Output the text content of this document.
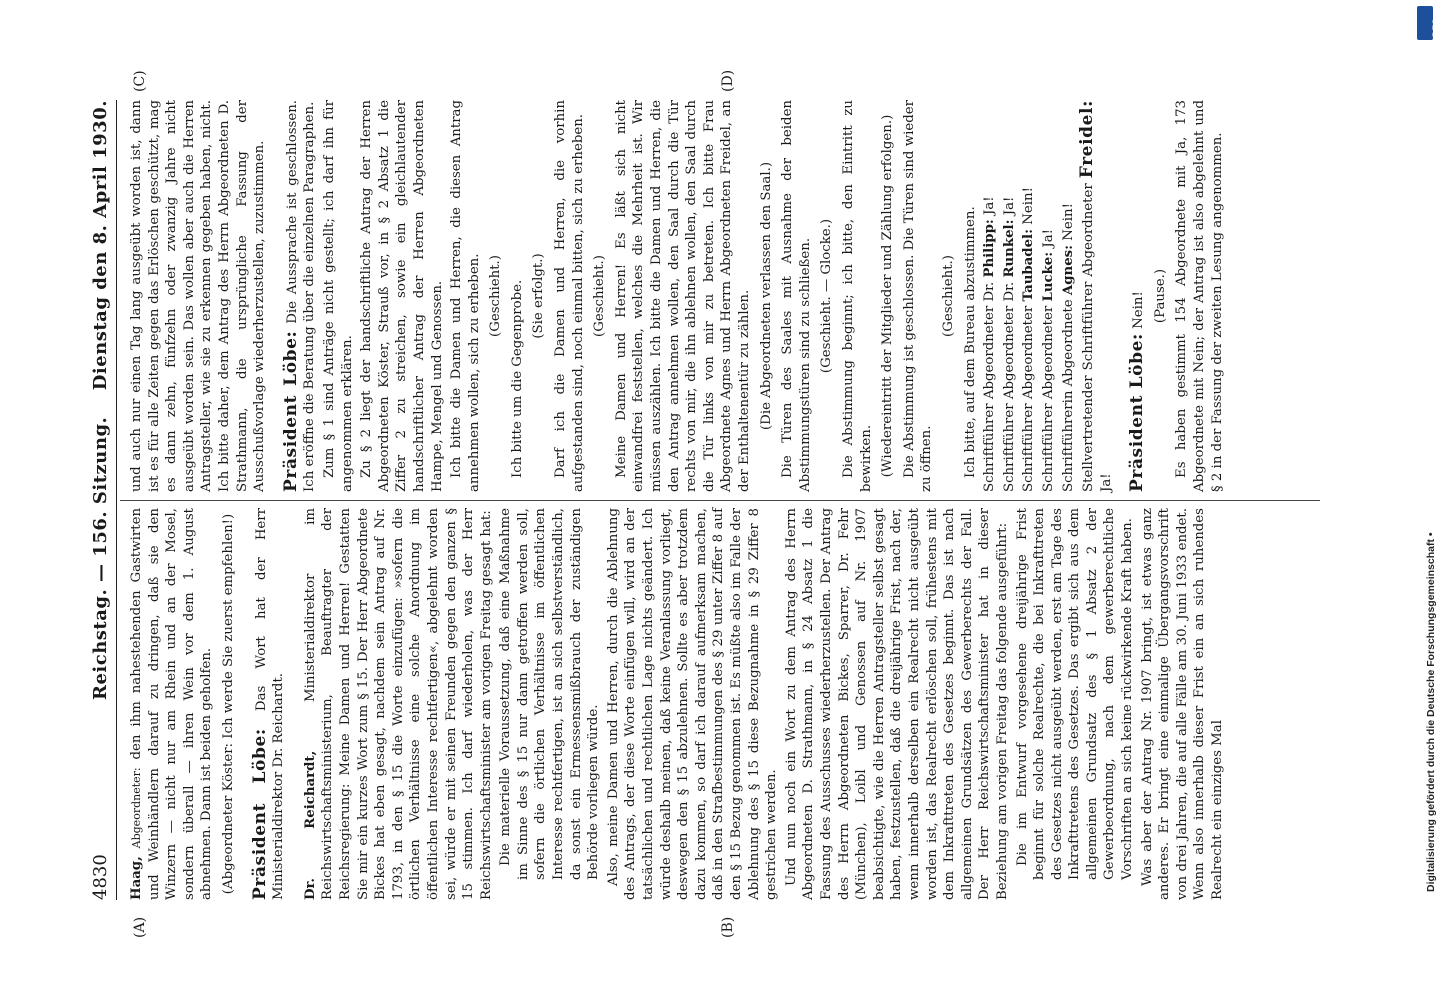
4830
Reichstag. — 156. Sitzung.
Dienstag den 8. April 1930.
(A)	(B)
(C)	(D)

Haag, Abgeordneter: den ihm nahestehenden Gastwirten und Weinhändlern darauf zu dringen, daß sie den Winzern — nicht nur am Rhein und an der Mosel, sondern überall — ihren Wein vor dem 1. August abnehmen. Dann ist beiden geholfen. (Abgeordneter Köster: Ich werde Sie zuerst empfehlen!) Präsident Löbe: Das Wort hat der Herr Ministerialdirektor Dr. Reichardt. Dr. Reichardt, Ministerialdirektor im Reichswirtschaftsministerium, Beauftragter der Reichsregierung: Meine Damen und Herren! Gestatten Sie mir ein kurzes Wort zum § 15. Der Herr Abgeordnete Bickes hat eben gesagt, nachdem sein Antrag auf Nr. 1793, in den § 15 die Worte einzufügen: »sofern die örtlichen Verhältnisse eine solche Anordnung im öffentlichen Interesse rechtfertigen«, abgelehnt worden sei, würde er mit seinen Freunden gegen den ganzen § 15 stimmen. Ich darf wiederholen, was der Herr Reichswirtschaftsminister am vorigen Freitag gesagt hat: Die materielle Voraussetzung, daß eine Maßnahme im Sinne des § 15 nur dann getroffen werden soll, sofern die örtlichen Verhältnisse im öffentlichen Interesse rechtfertigen, ist an sich selbstverständlich, da sonst ein Ermessensmißbrauch der zuständigen Behörde vorliegen würde. Also, meine Damen und Herren, durch die Ablehnung des Antrags, der diese Worte einfügen will, wird an der tatsächlichen und rechtlichen Lage nichts geändert. Ich würde deshalb meinen, daß keine Veranlassung vorliegt, deswegen den § 15 abzulehnen. Sollte es aber trotzdem dazu kommen, so darf ich darauf aufmerksam machen, daß in den Strafbestimmungen des § 29 unter Ziffer 8 auf den § 15 Bezug genommen ist. Es müßte also im Falle der Ablehnung des § 15 diese Bezugnahme in § 29 Ziffer 8 gestrichen werden. Und nun noch ein Wort zu dem Antrag des Herrn Abgeordneten D. Strathmann, in § 24 Absatz 1 die Fassung des Ausschusses wiederherzustellen. Der Antrag des Herrn Abgeordneten Bickes, Sparrer, Dr. Fehr (München), Loibl und Genossen auf Nr. 1907 beabsichtigte, wie die Herren Antragsteller selbst gesagt haben, festzustellen, daß die dreijährige Frist, nach der, wenn innerhalb derselben ein Realrecht nicht ausgeübt worden ist, das Realrecht erlöschen soll, frühestens mit dem Inkrafttreten des Gesetzes beginnt. Das ist nach allgemeinen Grundsätzen des Gewerberechts der Fall. Der Herr Reichswirtschaftsminister hat in dieser Beziehung am vorigen Freitag das folgende ausgeführt: Die im Entwurf vorgesehene dreijährige Frist beginnt für solche Realrechte, die bei Inkrafttreten des Gesetzes nicht ausgeübt werden, erst am Tage des Inkrafttretens des Gesetzes. Das ergibt sich aus dem allgemeinen Grundsatz des § 1 Absatz 2 der Gewerbeordnung, nach dem gewerberechtliche Vorschriften an sich keine rückwirkende Kraft haben. Was aber der Antrag Nr. 1907 bringt, ist etwas ganz anderes. Er bringt eine einmalige Übergangsvorschrift von drei Jahren, die auf alle Fälle am 30. Juni 1933 endet. Wenn also innerhalb dieser Frist ein an sich ruhendes Realrecht ein einziges Mal

und auch nur einen Tag lang ausgeübt worden ist, dann ist es für alle Zeiten gegen das Erlöschen geschützt, mag es dann zehn, fünfzehn oder zwanzig Jahre nicht ausgeübt worden sein. Das wollen aber auch die Herren Antragsteller, wie sie zu erkennen gegeben haben, nicht. Ich bitte daher, dem Antrag des Herrn Abgeordneten D. Strathmann, die ursprüngliche Fassung der Ausschußvorlage wiederherzustellen, zuzustimmen. Präsident Löbe: Die Aussprache ist geschlossen. Ich eröffne die Beratung über die einzelnen Paragraphen. Zum § 1 sind Anträge nicht gestellt; ich darf ihn für angenommen erklären. Zu § 2 liegt der handschriftliche Antrag der Herren Abgeordneten Köster, Strauß vor, in § 2 Absatz 1 die Ziffer 2 zu streichen, sowie ein gleichlautender handschriftlicher Antrag der Herren Abgeordneten Hampe, Mengel und Genossen. Ich bitte die Damen und Herren, die diesen Antrag annehmen wollen, sich zu erheben. (Geschieht.) Ich bitte um die Gegenprobe. (Sie erfolgt.) Darf ich die Damen und Herren, die vorhin aufgestanden sind, noch einmal bitten, sich zu erheben. (Geschieht.) Meine Damen und Herren! Es läßt sich nicht einwandfrei feststellen, welches die Mehrheit ist. Wir müssen auszählen. Ich bitte die Damen und Herren, die den Antrag annehmen wollen, den Saal durch die Tür rechts von mir, die ihn ablehnen wollen, den Saal durch die Tür links von mir zu betreten. Ich bitte Frau Abgeordnete Agnes und Herrn Abgeordneten Freidel, an der Enthaltenentür zu zählen. (Die Abgeordneten verlassen den Saal.) Die Türen des Saales mit Ausnahme der beiden Abstimmungstüren sind zu schließen. (Geschieht. — Glocke.) Die Abstimmung beginnt; ich bitte, den Eintritt zu bewirken. (Wiedereintritt der Mitglieder und Zählung erfolgen.) Die Abstimmung ist geschlossen. Die Türen sind wieder zu öffnen.

(Geschieht.) Ich bitte, auf dem Bureau abzustimmen. Schriftführer Abgeordneter Dr. Philipp: Ja!

Schriftführer Abgeordneter Dr. Runkel: Ja!

Schriftführer Abgeordneter Taubadel: Nein!

Schriftführer Abgeordneter Lucke: Ja!

Schriftführerin Abgeordnete Agnes: Nein! Stellvertretender Schriftführer Abgeordneter Freidel: Ja! Präsident Löbe: Nein! (Pause.) Es haben gestimmt 154 Abgeordnete mit Ja, 173 Abgeordnete mit Nein; der Antrag ist also abgelehnt und § 2 in der Fassung der zweiten Lesung angenommen.

Digitalisierung gefördert durch die Deutsche Forschungsgemeinschaft •
DFG
